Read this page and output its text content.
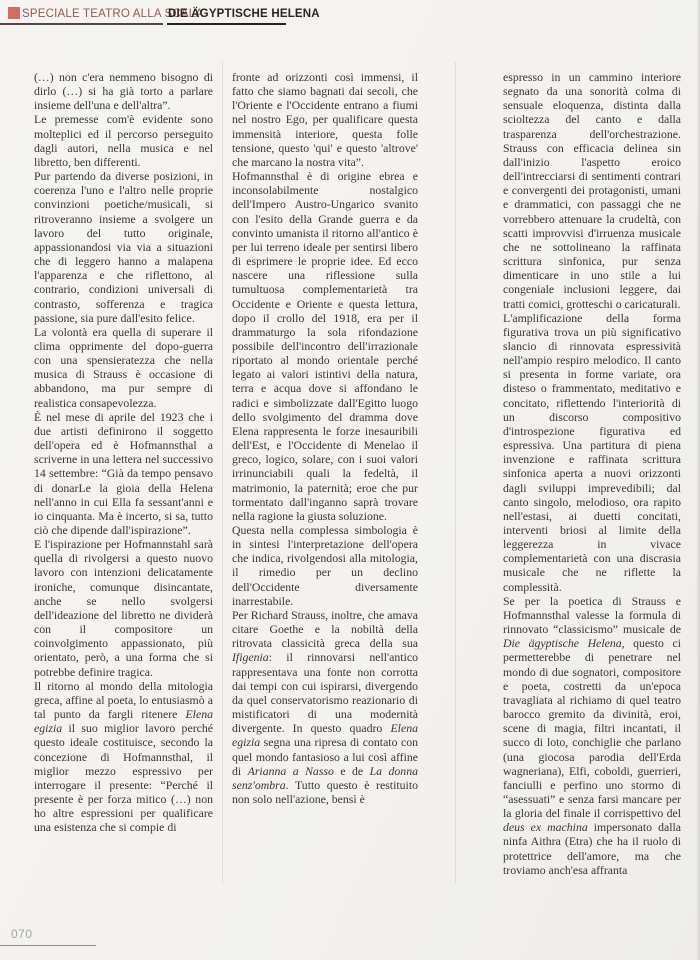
SPECIALE TEATRO ALLA SCALA
DIE ÄGYPTISCHE HELENA

(…) non c'era nemmeno bisogno di dirlo (…) si ha già torto a parlare insieme dell'una e dell'altra”.

Le premesse com'è evidente sono molteplici ed il percorso perseguito dagli autori, nella musica e nel libretto, ben differenti.

Pur partendo da diverse posizioni, in coerenza l'uno e l'altro nelle proprie convinzioni poetiche/musicali, si ritroveranno insieme a svolgere un lavoro del tutto originale, appassionandosi via via a situazioni che di leggero hanno a malapena l'apparenza e che riflettono, al contrario, condizioni universali di contrasto, sofferenza e tragica passione, sia pure dall'esito felice.

La volontà era quella di superare il clima opprimente del dopo-guerra con una spensieratezza che nella musica di Strauss è occasione di abbandono, ma pur sempre di realistica consapevolezza.

È nel mese di aprile del 1923 che i due artisti definirono il soggetto dell'opera ed è Hofmannsthal a scriverne in una lettera nel successivo 14 settembre: “Già da tempo pensavo di donarLe la gioia della Helena nell'anno in cui Ella fa sessant'anni e io cinquanta. Ma è incerto, si sa, tutto ciò che dipende dall'ispirazione”.

E l'ispirazione per Hofmannstahl sarà quella di rivolgersi a questo nuovo lavoro con intenzioni delicatamente ironiche, comunque disincantate, anche se nello svolgersi dell'ideazione del libretto ne dividerà con il compositore un coinvolgimento appassionato, più orientato, però, a una forma che si potrebbe definire tragica.

Il ritorno al mondo della mitologia greca, affine al poeta, lo entusiasmò a tal punto da fargli ritenere Elena egizia il suo miglior lavoro perché questo ideale costituisce, secondo la concezione di Hofmannsthal, il miglior mezzo espressivo per interrogare il presente: “Perché il presente è per forza mitico (…) non ho altre espressioni per qualificare una esistenza che si compie di

fronte ad orizzonti così immensi, il fatto che siamo bagnati dai secoli, che l'Oriente e l'Occidente entrano a fiumi nel nostro Ego, per qualificare questa immensità interiore, questa folle tensione, questo 'qui' e questo 'altrove' che marcano la nostra vita”.

Hofmannsthal è di origine ebrea e inconsolabilmente nostalgico dell'Impero Austro-Ungarico svanito con l'esito della Grande guerra e da convinto umanista il ritorno all'antico è per lui terreno ideale per sentirsi libero di esprimere le proprie idee. Ed ecco nascere una riflessione sulla tumultuosa complementarietà tra Occidente e Oriente e questa lettura, dopo il crollo del 1918, era per il drammaturgo la sola rifondazione possibile dell'incontro dell'irrazionale riportato al mondo orientale perché legato ai valori istintivi della natura, terra e acqua dove si affondano le radici e simbolizzate dall'Egitto luogo dello svolgimento del dramma dove Elena rappresenta le forze inesauribili dell'Est, e l'Occidente di Menelao il greco, logico, solare, con i suoi valori irrinunciabili quali la fedeltà, il matrimonio, la paternità; eroe che pur tormentato dall'inganno saprà trovare nella ragione la giusta soluzione.

Questa nella complessa simbologia è in sintesi l'interpretazione dell'opera che indica, rivolgendosi alla mitologia, il rimedio per un declino dell'Occidente diversamente inarrestabile.

Per Richard Strauss, inoltre, che amava citare Goethe e la nobiltà della ritrovata classicità greca della sua Ifigenia: il rinnovarsi nell'antico rappresentava una fonte non corrotta dai tempi con cui ispirarsi, divergendo da quel conservatorismo reazionario di mistificatori di una modernità divergente. In questo quadro Elena egizia segna una ripresa di contato con quel mondo fantasioso a lui così affine di Arianna a Nasso e de La donna senz'ombra. Tutto questo è restituito non solo nell'azione, bensì è

espresso in un cammino interiore segnato da una sonorità colma di sensuale eloquenza, distinta dalla scioltezza del canto e dalla trasparenza dell'orchestrazione. Strauss con efficacia delinea sin dall'inizio l'aspetto eroico dell'intrecciarsi di sentimenti contrari e convergenti dei protagonisti, umani e drammatici, con passaggi che ne vorrebbero attenuare la crudeltà, con scatti improvvisi d'irruenza musicale che ne sottolineano la raffinata scrittura sinfonica, pur senza dimenticare in uno stile a lui congeniale inclusioni leggere, dai tratti comici, grotteschi o caricaturali.

L'amplificazione della forma figurativa trova un più significativo slancio di rinnovata espressività nell'ampio respiro melodico. Il canto si presenta in forme variate, ora disteso o frammentato, meditativo e concitato, riflettendo l'interiorità di un discorso compositivo d'introspezione figurativa ed espressiva. Una partitura di piena invenzione e raffinata scrittura sinfonica aperta a nuovi orizzonti dagli sviluppi imprevedibili; dal canto singolo, melodioso, ora rapito nell'estasi, ai duetti concitati, interventi briosi al limite della leggerezza in vivace complementarietà con una discrasia musicale che ne riflette la complessità.

Se per la poetica di Strauss e Hofmannsthal valesse la formula di rinnovato “classicismo” musicale de Die ägyptische Helena, questo ci permetterebbe di penetrare nel mondo di due sognatori, compositore e poeta, costretti da un'epoca travagliata al richiamo di quel teatro barocco gremito da divinità, eroi, scene di magia, filtri incantati, il succo di loto, conchiglie che parlano (una giocosa parodia dell'Erda wagneriana), Elfi, coboldi, guerrieri, fanciulli e perfino uno stormo di “asessuati” e senza farsi mancare per la gloria del finale il corrispettivo del deus ex machina impersonato dalla ninfa Aithra (Etra) che ha il ruolo di protettrice dell'amore, ma che troviamo anch'esa affranta

070
